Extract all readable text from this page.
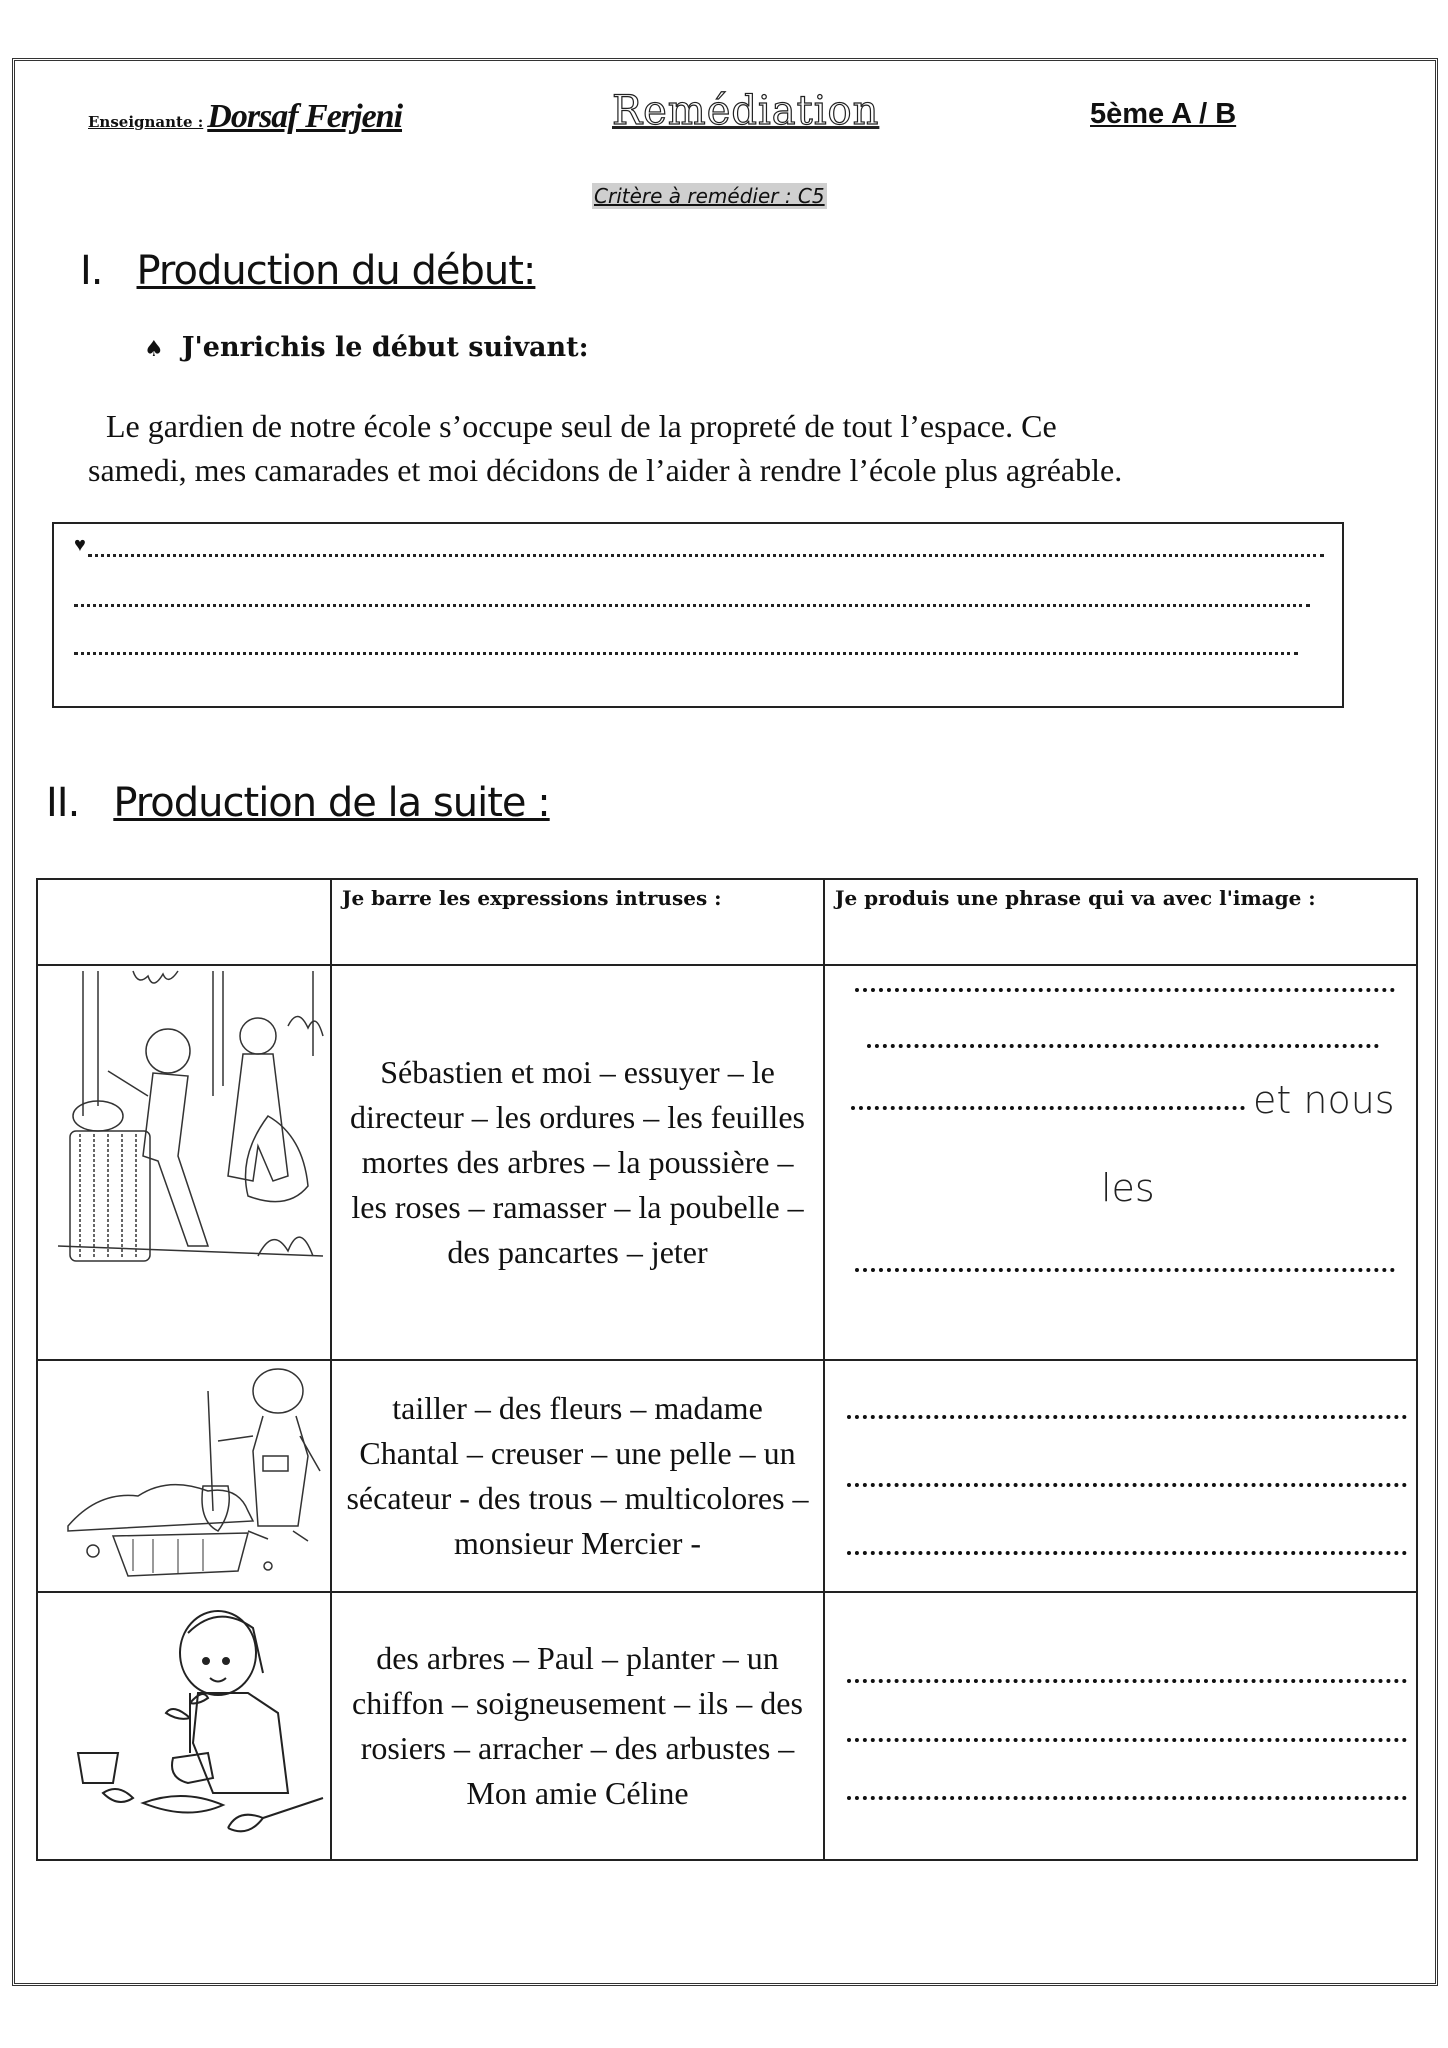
Enseignante : Dorsaf Ferjeni	Remédiation	5ème A / B
Critère à remédier : C5
I. Production du début:
♠ J'enrichis le début suivant:

Le gardien de notre école s’occupe seul de la propreté de tout l’espace. Ce

samedi, mes camarades et moi décidons de l’aider à rendre l’école plus agréable.

♥
II. Production de la suite :
	Je barre les expressions intruses :	Je produis une phrase qui va avec l'image :

	Sébastien et moi – essuyer – le directeur – les ordures – les feuilles mortes des arbres – la poussière – les roses – ramasser – la poubelle – des pancartes – jeter	et nous
les

	tailler – des fleurs – madame Chantal – creuser – une pelle – un sécateur - des trous – multicolores – monsieur Mercier -	

	des arbres – Paul – planter – un chiffon – soigneusement – ils – des rosiers – arracher – des arbustes – Mon amie Céline	
